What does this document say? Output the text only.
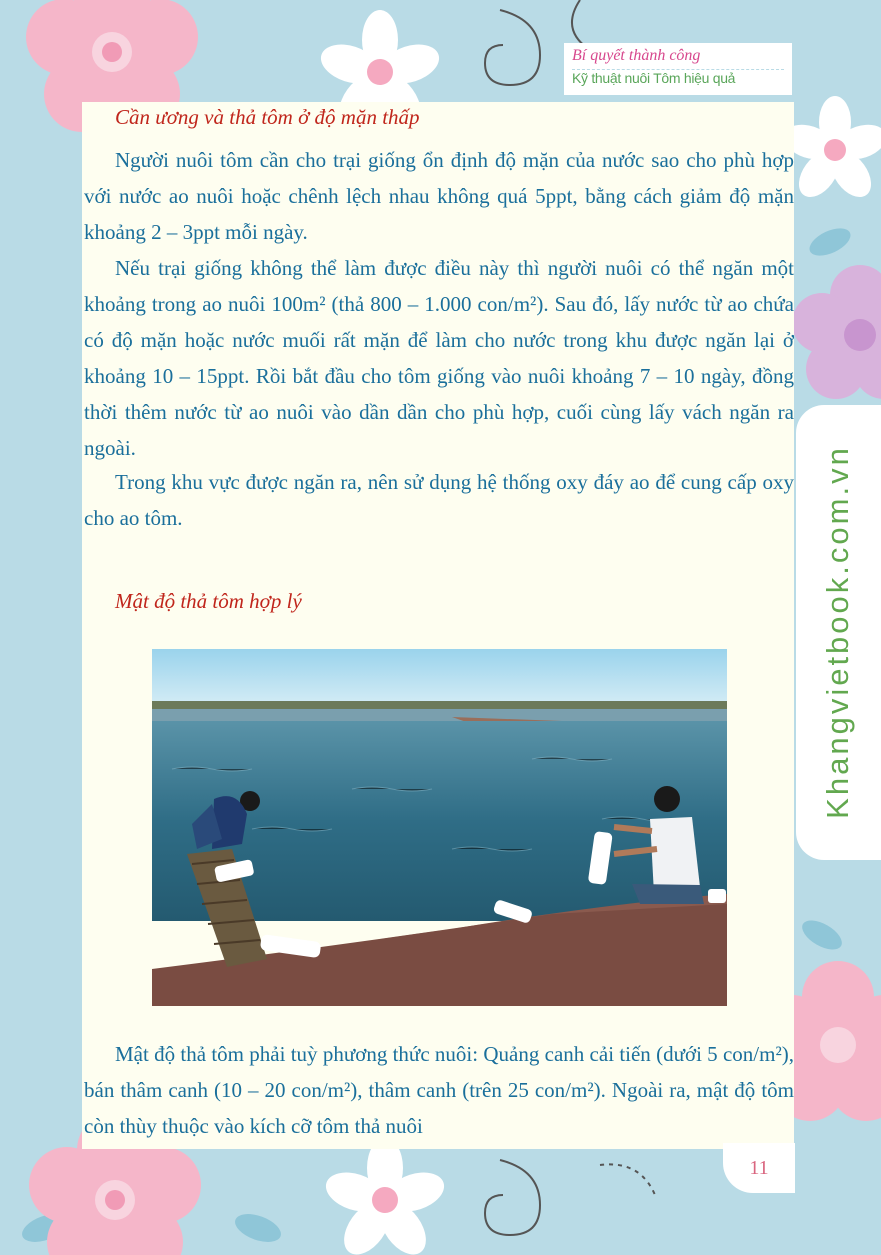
Bí quyết thành công
Kỹ thuật nuôi Tôm hiệu quả
Khangvietbook.com.vn
Cần ương và thả tôm ở độ mặn thấp

Người nuôi tôm cần cho trại giống ổn định độ mặn của nước sao cho phù hợp với nước ao nuôi hoặc chênh lệch nhau không quá 5ppt, bằng cách giảm độ mặn khoảng 2 – 3ppt mỗi ngày.

Nếu trại giống không thể làm được điều này thì người nuôi có thể ngăn một khoảng trong ao nuôi 100m² (thả 800 – 1.000 con/m²). Sau đó, lấy nước từ ao chứa có độ mặn hoặc nước muối rất mặn để làm cho nước trong khu được ngăn lại ở khoảng 10 – 15ppt. Rồi bắt đầu cho tôm giống vào nuôi khoảng 7 – 10 ngày, đồng thời thêm nước từ ao nuôi vào dần dần cho phù hợp, cuối cùng lấy vách ngăn ra ngoài.

Trong khu vực được ngăn ra, nên sử dụng hệ thống oxy đáy ao để cung cấp oxy cho ao tôm.

Mật độ thả tôm hợp lý

Mật độ thả tôm phải tuỳ phương thức nuôi: Quảng canh cải tiến (dưới 5 con/m²), bán thâm canh (10 – 20 con/m²), thâm canh (trên 25 con/m²). Ngoài ra, mật độ tôm còn thùy thuộc vào kích cỡ tôm thả nuôi

11
